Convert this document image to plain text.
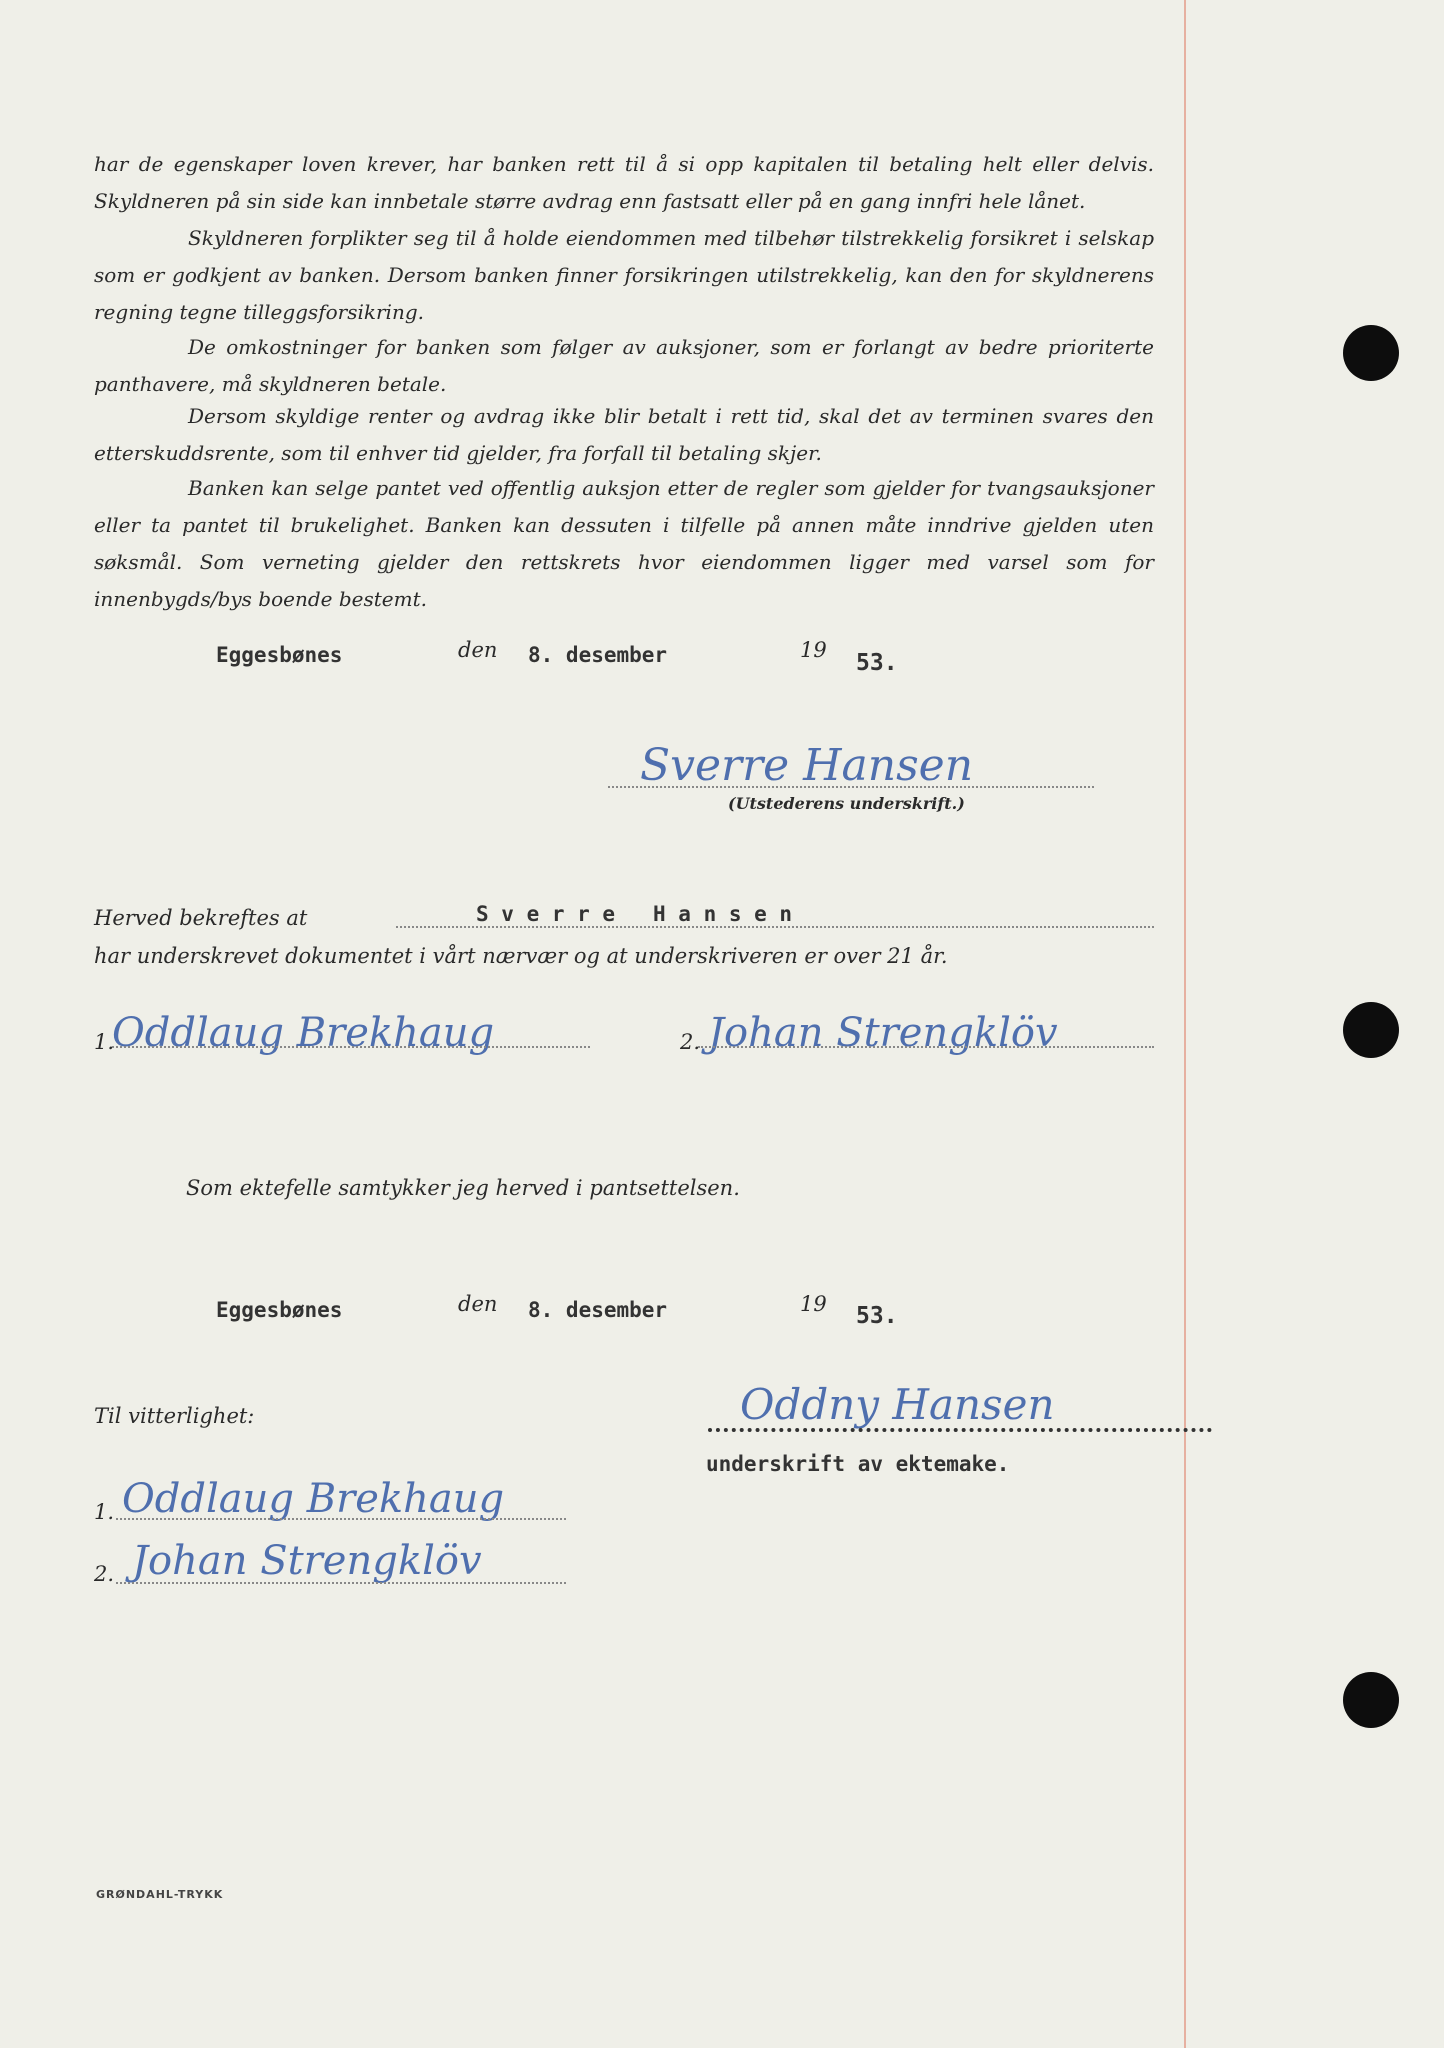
har de egenskaper loven krever, har banken rett til å si opp kapitalen til betaling helt eller delvis. Skyldneren på sin side kan innbetale større avdrag enn fastsatt eller på en gang innfri hele lånet.

Skyldneren forplikter seg til å holde eiendommen med tilbehør tilstrekkelig forsikret i selskap som er godkjent av banken. Dersom banken finner forsikringen utilstrekkelig, kan den for skyldnerens regning tegne tilleggsforsikring.

De omkostninger for banken som følger av auksjoner, som er forlangt av bedre prioriterte panthavere, må skyldneren betale.

Dersom skyldige renter og avdrag ikke blir betalt i rett tid, skal det av terminen svares den etterskuddsrente, som til enhver tid gjelder, fra forfall til betaling skjer.

Banken kan selge pantet ved offentlig auksjon etter de regler som gjelder for tvangsauksjoner eller ta pantet til brukelighet. Banken kan dessuten i tilfelle på annen måte inndrive gjelden uten søksmål. Som verneting gjelder den rettskrets hvor eiendommen ligger med varsel som for innenbygds/bys boende bestemt.

Eggesbønes	den 8. desember	19 53.
Sverre Hansen
(Utstederens underskrift.)
Herved bekreftes at	S v e r r e   H a n s e n
har underskrevet dokumentet i vårt nærvær og at underskriveren er over 21 år.
1.
Oddlaug Brekhaug	2. Johan Strengklöv
Som ektefelle samtykker jeg herved i pantsettelsen.
Eggesbønes	den 8. desember	19 53.
Oddny Hansen
underskrift av ektemake.
Til vitterlighet:
1. Oddlaug Brekhaug
2. Johan Strengklöv
GRØNDAHL-TRYKK
